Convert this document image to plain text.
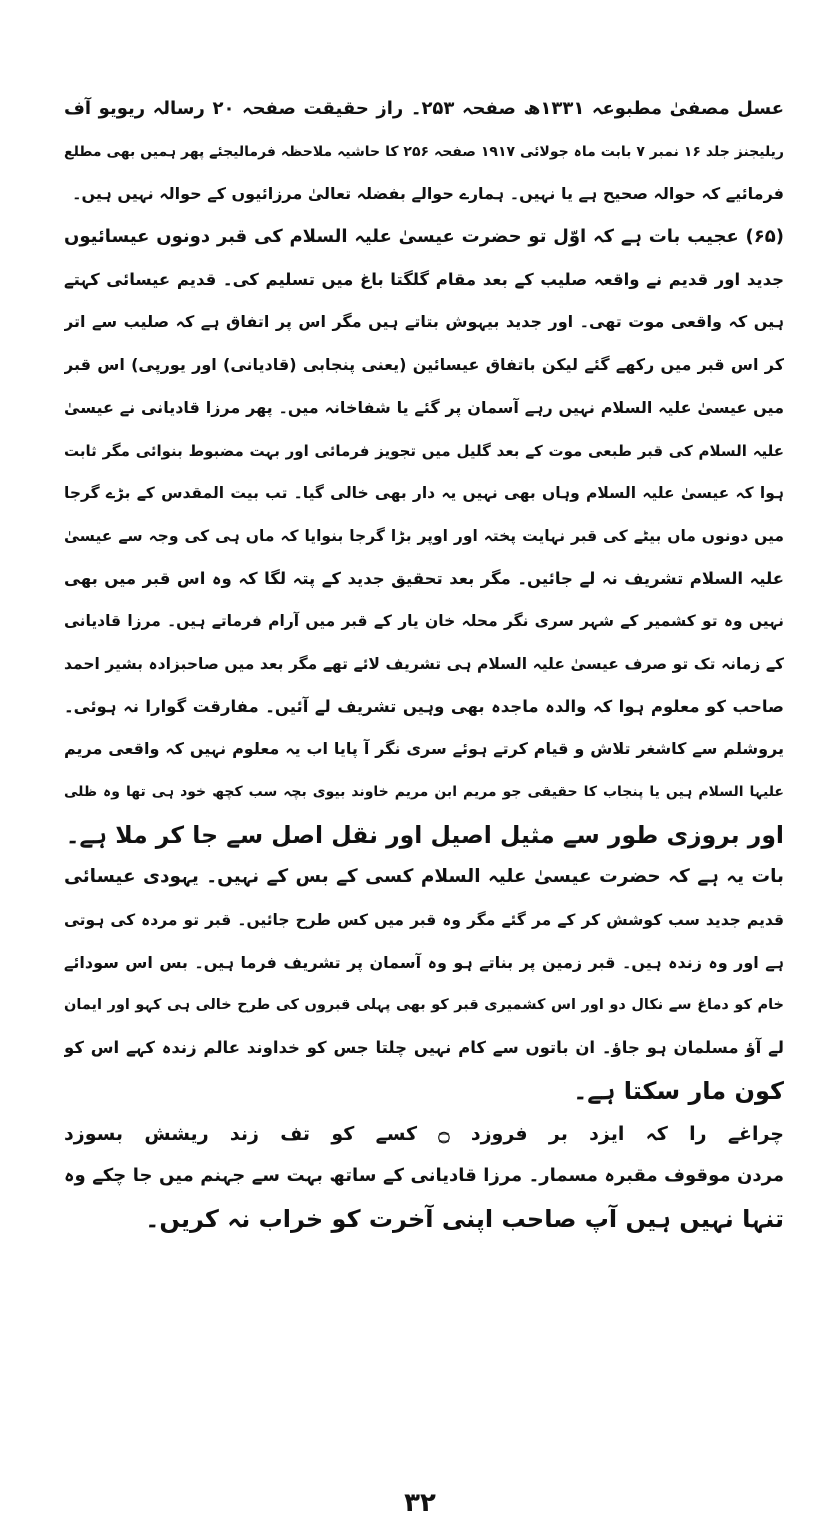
عسل مصفیٰ مطبوعہ ۱۳۳۱ھ صفحہ ۲۵۳۔ راز حقیقت صفحہ ۲۰ رسالہ ریویو آف
ریلیجنز جلد ۱۶ نمبر ۷ بابت ماہ جولائی ۱۹۱۷ صفحہ ۲۵۶ کا حاشیہ ملاحظہ فرمالیجئے پھر ہمیں بھی مطلع
فرمائیے کہ حوالہ صحیح ہے یا نہیں۔ ہمارے حوالے بفضلہ تعالیٰ مرزائیوں کے حوالہ نہیں ہیں۔
(۶۵) عجیب بات ہے کہ اوّل تو حضرت عیسیٰ علیہ السلام کی قبر دونوں عیسائیوں
جدید اور قدیم نے واقعہ صلیب کے بعد مقام گلگتا باغ میں تسلیم کی۔ قدیم عیسائی کہتے
ہیں کہ واقعی موت تھی۔ اور جدید بیہوش بتاتے ہیں مگر اس پر اتفاق ہے کہ صلیب سے اتر
کر اس قبر میں رکھے گئے لیکن باتفاق عیسائین (یعنی پنجابی (قادیانی) اور یورپی) اس قبر
میں عیسیٰ علیہ السلام نہیں رہے آسمان پر گئے یا شفاخانہ میں۔ پھر مرزا قادیانی نے عیسیٰ
علیہ السلام کی قبر طبعی موت کے بعد گلیل میں تجویز فرمائی اور بہت مضبوط بنوائی مگر ثابت
ہوا کہ عیسیٰ علیہ السلام وہاں بھی نہیں یہ دار بھی خالی گیا۔ تب بیت المقدس کے بڑے گرجا
میں دونوں ماں بیٹے کی قبر نہایت پختہ اور اوپر بڑا گرجا بنوایا کہ ماں ہی کی وجہ سے عیسیٰ
علیہ السلام تشریف نہ لے جائیں۔ مگر بعد تحقیق جدید کے پتہ لگا کہ وہ اس قبر میں بھی
نہیں وہ تو کشمیر کے شہر سری نگر محلہ خان یار کے قبر میں آرام فرماتے ہیں۔ مرزا قادیانی
کے زمانہ تک تو صرف عیسیٰ علیہ السلام ہی تشریف لائے تھے مگر بعد میں صاحبزادہ بشیر احمد
صاحب کو معلوم ہوا کہ والدہ ماجدہ بھی وہیں تشریف لے آئیں۔ مفارقت گوارا نہ ہوئی۔
یروشلم سے کاشغر تلاش و قیام کرتے ہوئے سری نگر آ پایا اب یہ معلوم نہیں کہ واقعی مریم
علیہا السلام ہیں یا پنجاب کا حقیقی جو مریم ابن مریم خاوند بیوی بچہ سب کچھ خود ہی تھا وہ ظلی
اور بروزی طور سے مثیل اصیل اور نقل اصل سے جا کر ملا ہے۔
بات یہ ہے کہ حضرت عیسیٰ علیہ السلام کسی کے بس کے نہیں۔ یہودی عیسائی
قدیم جدید سب کوشش کر کے مر گئے مگر وہ قبر میں کس طرح جائیں۔ قبر تو مردہ کی ہوتی
ہے اور وہ زندہ ہیں۔ قبر زمین پر بناتے ہو وہ آسمان پر تشریف فرما ہیں۔ بس اس سودائے
خام کو دماغ سے نکال دو اور اس کشمیری قبر کو بھی پہلی قبروں کی طرح خالی ہی کہو اور ایمان
لے آؤ مسلمان ہو جاؤ۔ ان باتوں سے کام نہیں چلتا جس کو خداوند عالم زندہ کہے اس کو
کون مار سکتا ہے۔
چراغے را کہ ایزد بر فروزد ۝ کسے کو تف زند ریشش بسوزد
مردن موقوف مقبرہ مسمار۔ مرزا قادیانی کے ساتھ بہت سے جہنم میں جا چکے وہ
تنہا نہیں ہیں آپ صاحب اپنی آخرت کو خراب نہ کریں۔
۳۲
